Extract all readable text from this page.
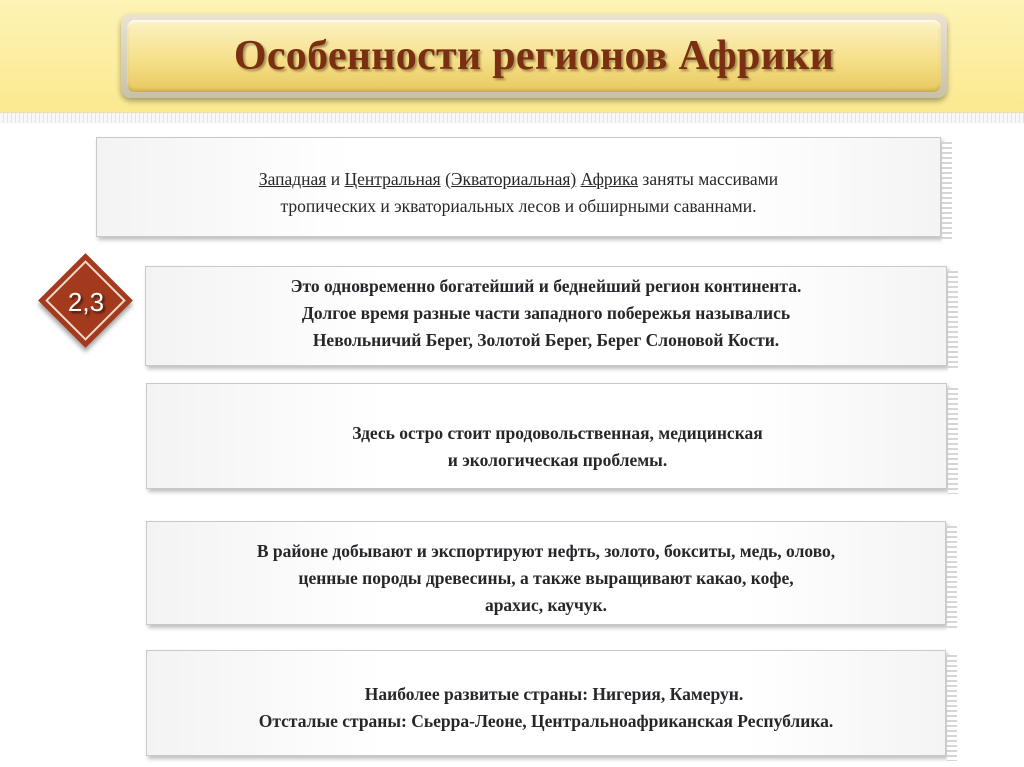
Особенности регионов Африки
2,3

Западная и Центральная (Экваториальная) Африка заняты массивами

тропических и экваториальных лесов и обширными саваннами.

Это одновременно богатейший и беднейший регион континента.

Долгое время разные части западного побережья назывались

Невольничий Берег, Золотой Берег, Берег Слоновой Кости.

Здесь остро стоит продовольственная, медицинская

и экологическая проблемы.

В районе добывают и экспортируют нефть, золото, бокситы, медь, олово,

ценные породы древесины, а также выращивают какао, кофе,

арахис, каучук.

Наиболее развитые страны: Нигерия, Камерун.

Отсталые страны: Сьерра-Леоне, Центральноафриканская Республика.
